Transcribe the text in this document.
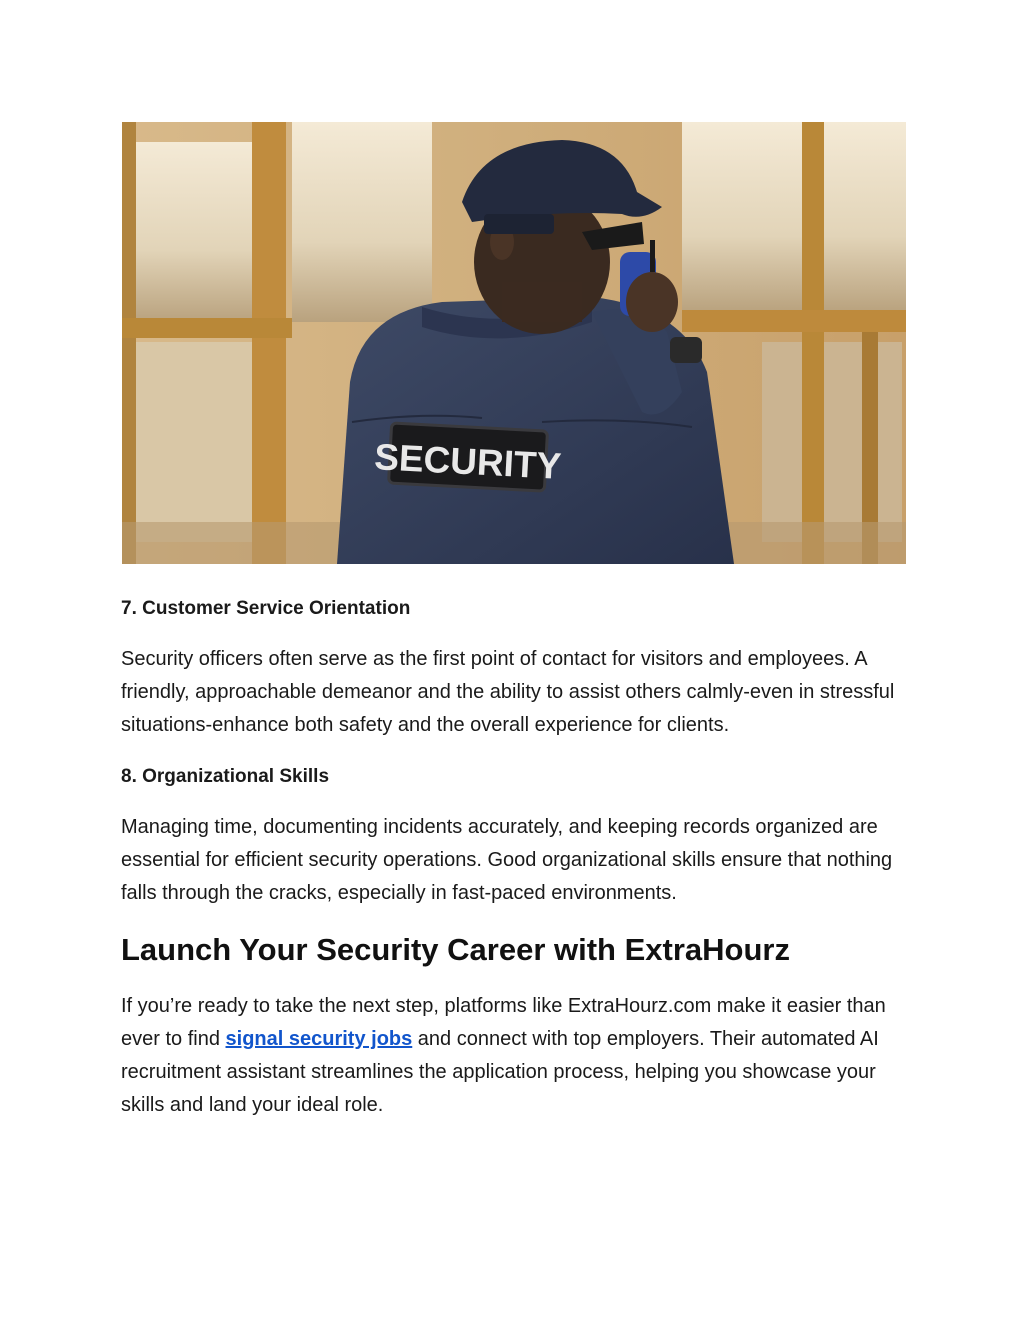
SECURITY

7. Customer Service Orientation

Security officers often serve as the first point of contact for visitors and employees. A friendly, approachable demeanor and the ability to assist others calmly-even in stressful situations-enhance both safety and the overall experience for clients.

8. Organizational Skills

Managing time, documenting incidents accurately, and keeping records organized are essential for efficient security operations. Good organizational skills ensure that nothing falls through the cracks, especially in fast-paced environments.

Launch Your Security Career with ExtraHourz

If you’re ready to take the next step, platforms like ExtraHourz.com make it easier than ever to find signal security jobs and connect with top employers. Their automated AI recruitment assistant streamlines the application process, helping you showcase your skills and land your ideal role.
